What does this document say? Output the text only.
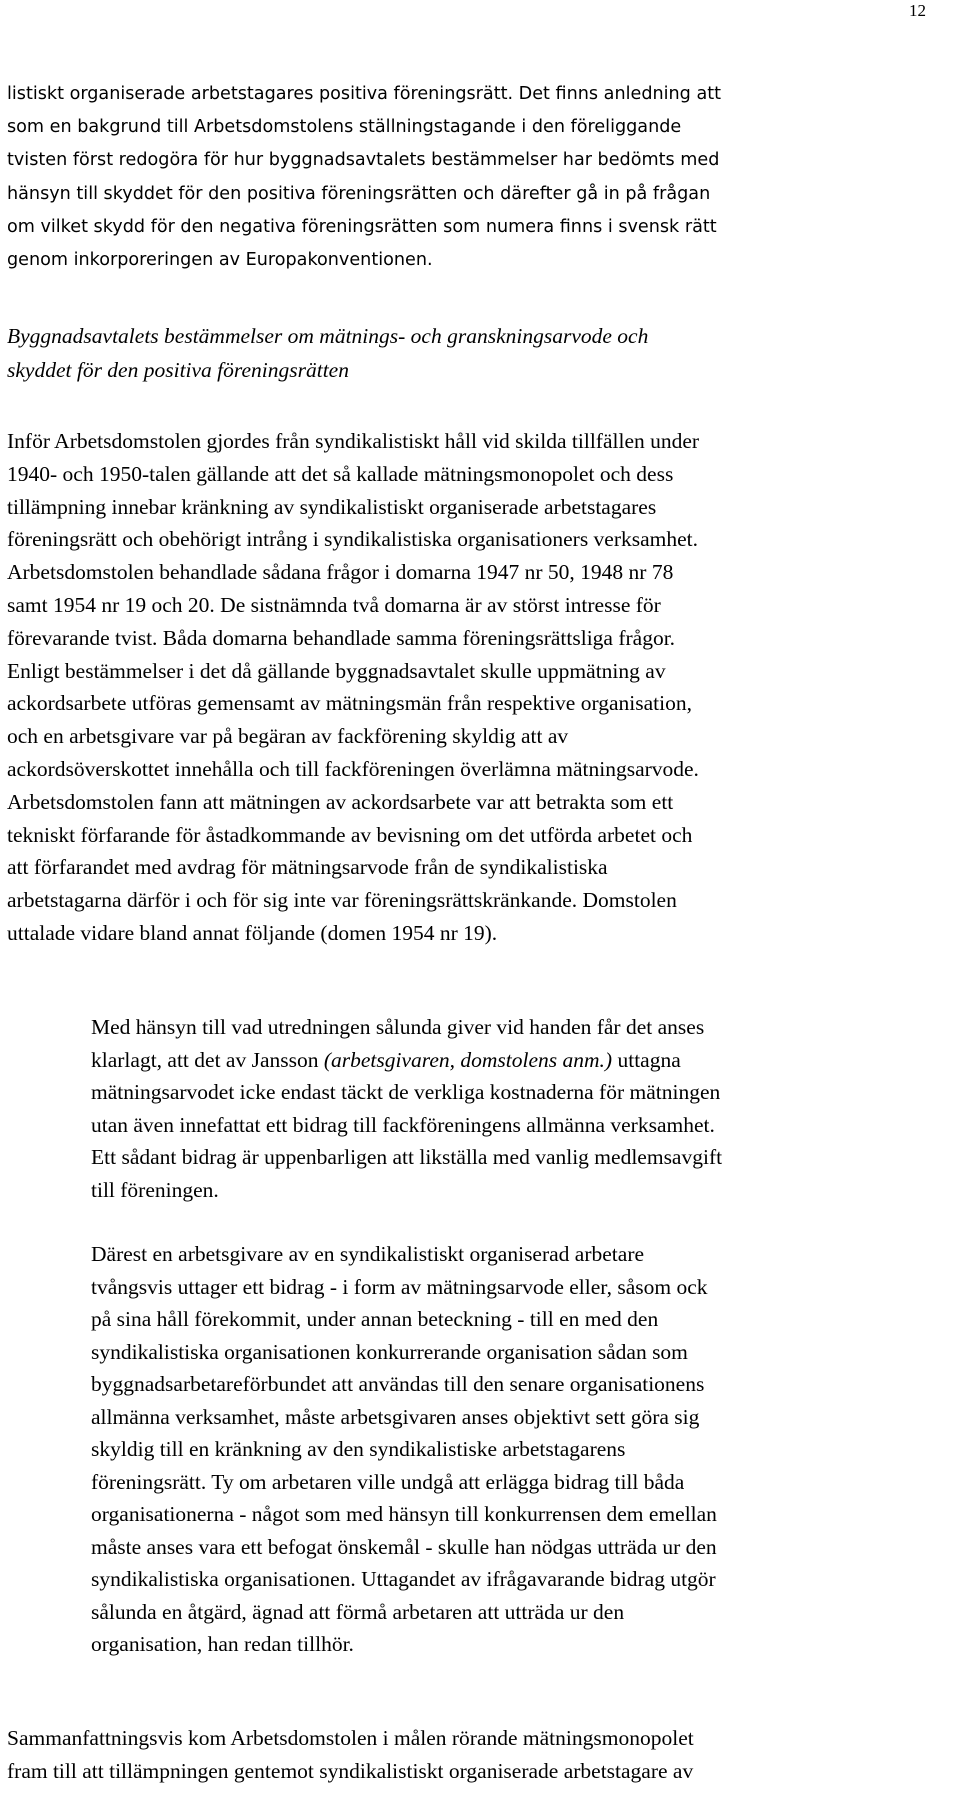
12
listiskt organiserade arbetstagares positiva föreningsrätt. Det finns anledning att
som en bakgrund till Arbetsdomstolens ställningstagande i den föreliggande
tvisten först redogöra för hur byggnadsavtalets bestämmelser har bedömts med
hänsyn till skyddet för den positiva föreningsrätten och därefter gå in på frågan
om vilket skydd för den negativa föreningsrätten som numera finns i svensk rätt
genom inkorporeringen av Europakonventionen.
Byggnadsavtalets bestämmelser om mätnings- och granskningsarvode och
skyddet för den positiva föreningsrätten
Inför Arbetsdomstolen gjordes från syndikalistiskt håll vid skilda tillfällen under
1940- och 1950-talen gällande att det så kallade mätningsmonopolet och dess
tillämpning innebar kränkning av syndikalistiskt organiserade arbetstagares
föreningsrätt och obehörigt intrång i syndikalistiska organisationers verksamhet.
Arbetsdomstolen behandlade sådana frågor i domarna 1947 nr 50, 1948 nr 78
samt 1954 nr 19 och 20. De sistnämnda två domarna är av störst intresse för
förevarande tvist. Båda domarna behandlade samma föreningsrättsliga frågor.
Enligt bestämmelser i det då gällande byggnadsavtalet skulle uppmätning av
ackordsarbete utföras gemensamt av mätningsmän från respektive organisation,
och en arbetsgivare var på begäran av fackförening skyldig att av
ackordsöverskottet innehålla och till fackföreningen överlämna mätningsarvode.
Arbetsdomstolen fann att mätningen av ackordsarbete var att betrakta som ett
tekniskt förfarande för åstadkommande av bevisning om det utförda arbetet och
att förfarandet med avdrag för mätningsarvode från de syndikalistiska
arbetstagarna därför i och för sig inte var föreningsrättskränkande. Domstolen
uttalade vidare bland annat följande (domen 1954 nr 19).
Med hänsyn till vad utredningen sålunda giver vid handen får det anses
klarlagt, att det av Jansson (arbetsgivaren, domstolens anm.) uttagna
mätningsarvodet icke endast täckt de verkliga kostnaderna för mätningen
utan även innefattat ett bidrag till fackföreningens allmänna verksamhet.
Ett sådant bidrag är uppenbarligen att likställa med vanlig medlemsavgift
till föreningen.
Därest en arbetsgivare av en syndikalistiskt organiserad arbetare
tvångsvis uttager ett bidrag - i form av mätningsarvode eller, såsom ock
på sina håll förekommit, under annan beteckning - till en med den
syndikalistiska organisationen konkurrerande organisation sådan som
byggnadsarbetareförbundet att användas till den senare organisationens
allmänna verksamhet, måste arbetsgivaren anses objektivt sett göra sig
skyldig till en kränkning av den syndikalistiske arbetstagarens
föreningsrätt. Ty om arbetaren ville undgå att erlägga bidrag till båda
organisationerna - något som med hänsyn till konkurrensen dem emellan
måste anses vara ett befogat önskemål - skulle han nödgas utträda ur den
syndikalistiska organisationen. Uttagandet av ifrågavarande bidrag utgör
sålunda en åtgärd, ägnad att förmå arbetaren att utträda ur den
organisation, han redan tillhör.
Sammanfattningsvis kom Arbetsdomstolen i målen rörande mätningsmonopolet
fram till att tillämpningen gentemot syndikalistiskt organiserade arbetstagare av
